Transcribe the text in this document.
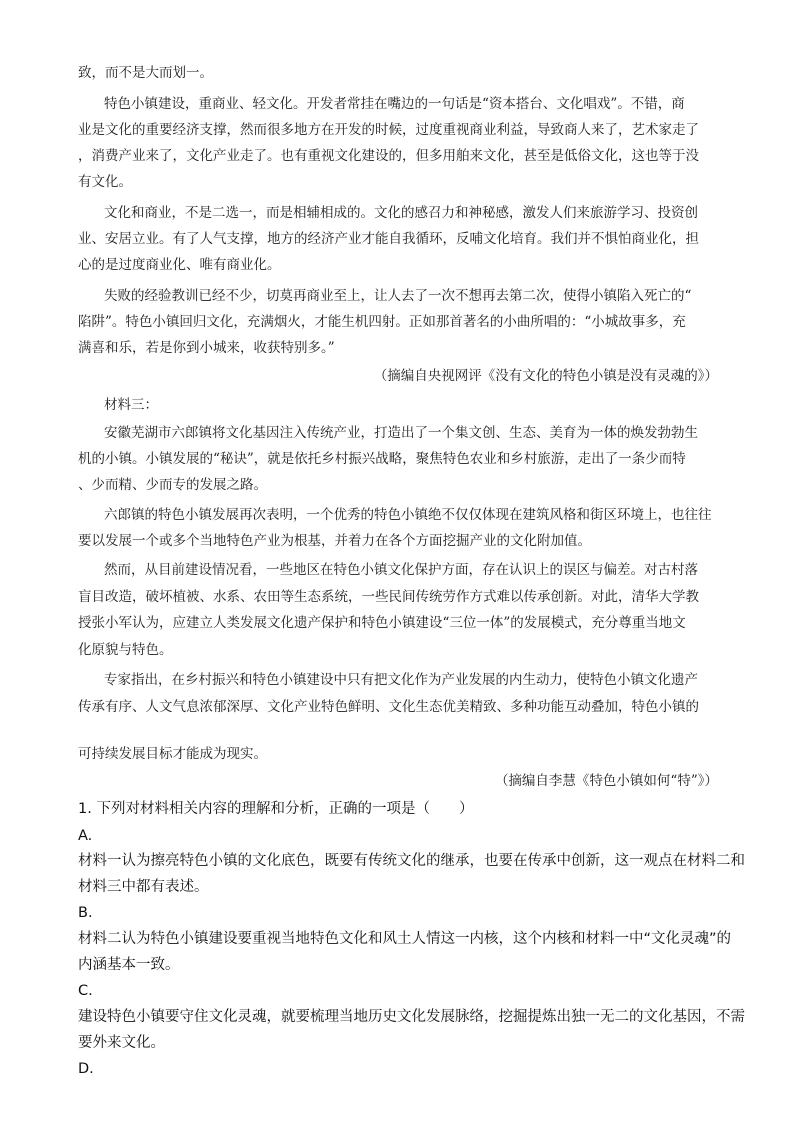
致，而不是大而划一。
特色小镇建设，重商业、轻文化。开发者常挂在嘴边的一句话是“资本搭台、文化唱戏”。不错，商
业是文化的重要经济支撑，然而很多地方在开发的时候，过度重视商业利益，导致商人来了，艺术家走了
，消费产业来了，文化产业走了。也有重视文化建设的，但多用舶来文化，甚至是低俗文化，这也等于没
有文化。
文化和商业，不是二选一，而是相辅相成的。文化的感召力和神秘感，激发人们来旅游学习、投资创
业、安居立业。有了人气支撑，地方的经济产业才能自我循环，反哺文化培育。我们并不惧怕商业化，担
心的是过度商业化、唯有商业化。
失败的经验教训已经不少，切莫再商业至上，让人去了一次不想再去第二次，使得小镇陷入死亡的“
陷阱”。特色小镇回归文化，充满烟火，才能生机四射。正如那首著名的小曲所唱的：“小城故事多，充
满喜和乐，若是你到小城来，收获特别多。”
（摘编自央视网评《没有文化的特色小镇是没有灵魂的》）
材料三：
安徽芜湖市六郎镇将文化基因注入传统产业，打造出了一个集文创、生态、美育为一体的焕发勃勃生
机的小镇。小镇发展的“秘诀”，就是依托乡村振兴战略，聚焦特色农业和乡村旅游，走出了一条少而特
、少而精、少而专的发展之路。
六郎镇的特色小镇发展再次表明，一个优秀的特色小镇绝不仅仅体现在建筑风格和街区环境上，也往往
要以发展一个或多个当地特色产业为根基，并着力在各个方面挖掘产业的文化附加值。
然而，从目前建设情况看，一些地区在特色小镇文化保护方面，存在认识上的误区与偏差。对古村落
盲目改造，破坏植被、水系、农田等生态系统，一些民间传统劳作方式难以传承创新。对此，清华大学教
授张小军认为，应建立人类发展文化遗产保护和特色小镇建设“三位一体”的发展模式，充分尊重当地文
化原貌与特色。
专家指出，在乡村振兴和特色小镇建设中只有把文化作为产业发展的内生动力，使特色小镇文化遗产
传承有序、人文气息浓郁深厚、文化产业特色鲜明、文化生态优美精致、多种功能互动叠加，特色小镇的
可持续发展目标才能成为现实。
（摘编自李慧《特色小镇如何“特”》）
1. 下列对材料相关内容的理解和分析，正确的一项是（　　）
A.
材料一认为擦亮特色小镇的文化底色，既要有传统文化的继承，也要在传承中创新，这一观点在材料二和
材料三中都有表述。
B.
材料二认为特色小镇建设要重视当地特色文化和风土人情这一内核，这个内核和材料一中“文化灵魂”的
内涵基本一致。
C.
建设特色小镇要守住文化灵魂，就要梳理当地历史文化发展脉络，挖掘提炼出独一无二的文化基因，不需
要外来文化。
D.
